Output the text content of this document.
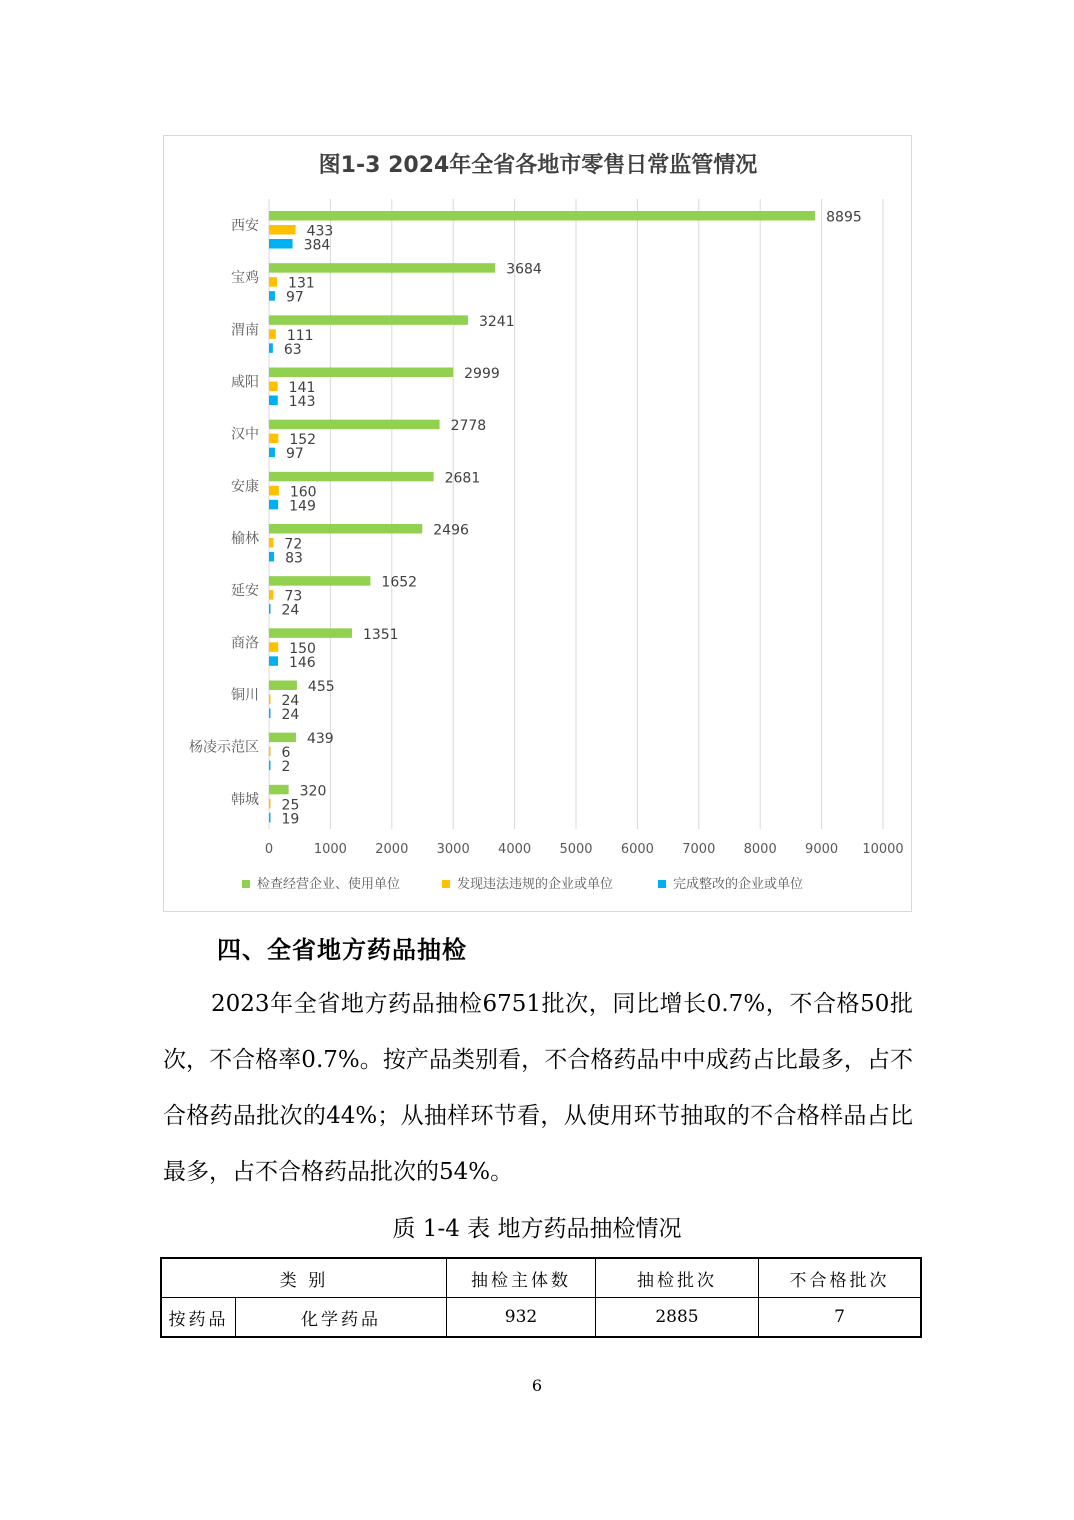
图1-3 2024年全省各地市零售日常监管情况
0	1000 2000 3000 4000 5000 6000 7000 8000 9000 10000
西安
8895
433
384
宝鸡
3684
131
97
渭南
3241
111
63
咸阳
2999
141
143
汉中
2778
152
97
安康
2681
160
149
榆林
2496
72
83
延安
1652
73
24
商洛
1351
150
146
铜川
455
24
24
杨凌示范区
439
6
2
韩城
320
25
19
检查经营企业、使用单位	发现违法违规的企业或单位	完成整改的企业或单位
四、全省地方药品抽检

2023年全省地方药品抽检6751批次，同比增长0.7%，不合格50批次，不合格率0.7%。按产品类别看，不合格药品中中成药占比最多，占不合格药品批次的44%；从抽样环节看，从使用环节抽取的不合格样品占比最多，占不合格药品批次的54%。

质 1-4 表 地方药品抽检情况
类 别		抽检主体数	抽检批次	不合格批次
按药品	化学药品	932	2885	7
6
